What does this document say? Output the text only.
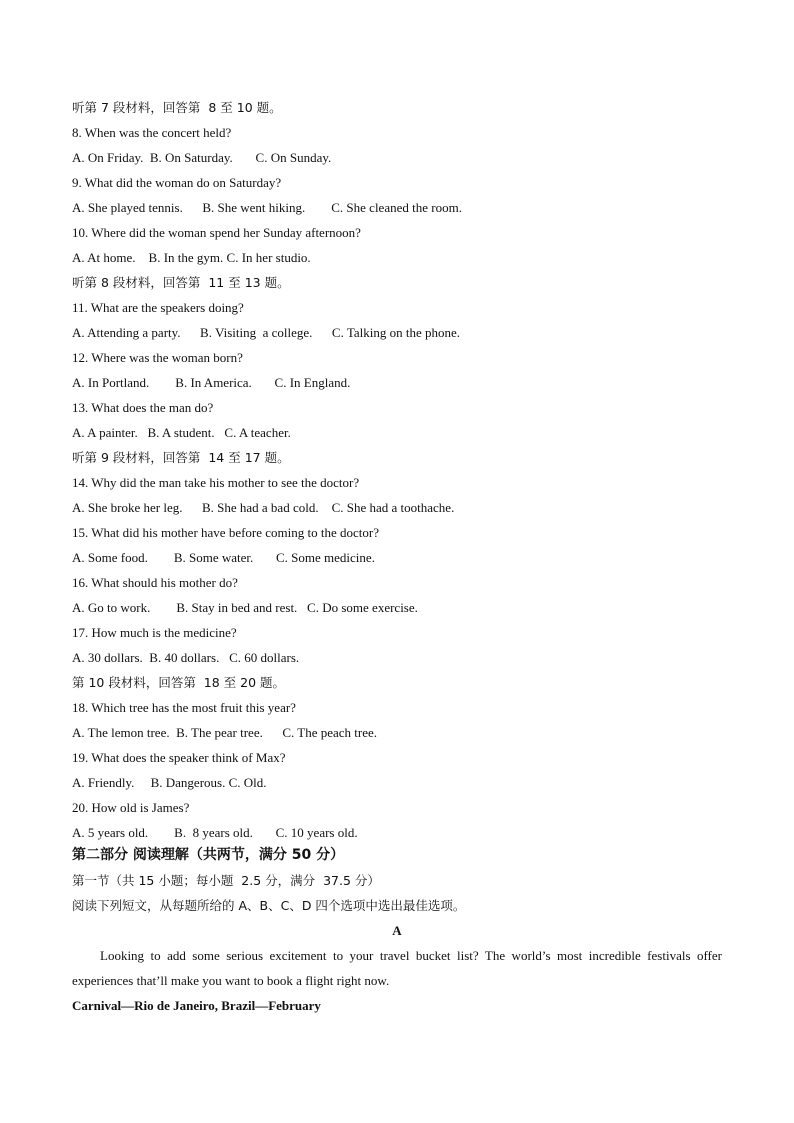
听第 7 段材料，回答第  8 至 10 题。
8. When was the concert held?
A. On Friday.  B. On Saturday.       C. On Sunday.
9. What did the woman do on Saturday?
A. She played tennis.      B. She went hiking.        C. She cleaned the room.
10. Where did the woman spend her Sunday afternoon?
A. At home.    B. In the gym. C. In her studio.
听第 8 段材料，回答第  11 至 13 题。
11. What are the speakers doing?
A. Attending a party.      B. Visiting  a college.      C. Talking on the phone.
12. Where was the woman born?
A. In Portland.        B. In America.       C. In England.
13. What does the man do?
A. A painter.   B. A student.   C. A teacher.
听第 9 段材料，回答第  14 至 17 题。
14. Why did the man take his mother to see the doctor?
A. She broke her leg.      B. She had a bad cold.    C. She had a toothache.
15. What did his mother have before coming to the doctor?
A. Some food.        B. Some water.       C. Some medicine.
16. What should his mother do?
A. Go to work.        B. Stay in bed and rest.   C. Do some exercise.
17. How much is the medicine?
A. 30 dollars.  B. 40 dollars.   C. 60 dollars.
第 10 段材料，回答第  18 至 20 题。
18. Which tree has the most fruit this year?
A. The lemon tree.  B. The pear tree.      C. The peach tree.
19. What does the speaker think of Max?
A. Friendly.     B. Dangerous. C. Old.
20. How old is James?
A. 5 years old.        B.  8 years old.       C. 10 years old.
第二部分 阅读理解（共两节，满分 50 分）
第一节（共 15 小题；每小题  2.5 分，满分  37.5 分）
阅读下列短文，从每题所给的 A、B、C、D 四个选项中选出最佳选项。
A
Looking to add some serious excitement to your travel bucket list? The world’s most incredible festivals offer experiences that’ll make you want to book a flight right now.
Carnival—Rio de Janeiro, Brazil—February
